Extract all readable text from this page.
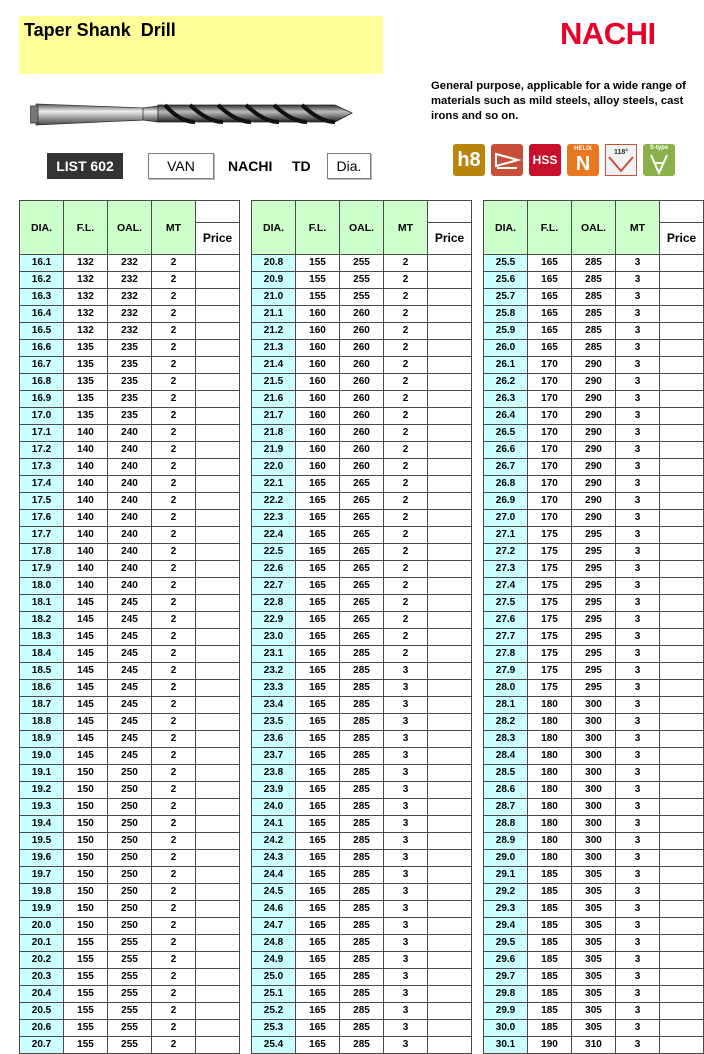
Taper Shank  Drill	NACHI
General purpose, applicable for a wide range of materials such as mild steels, alloy steels, cast irons and so on.
LIST 602	VAN	NACHI TD	Dia.	h8	HSS
HELIX
N
118°
S-type
DIA.	F.L.	OAL.	MT	Price

16.1	132	232	2	
16.2	132	232	2	
16.3	132	232	2	
16.4	132	232	2	
16.5	132	232	2	
16.6	135	235	2	
16.7	135	235	2	
16.8	135	235	2	
16.9	135	235	2	
17.0	135	235	2	
17.1	140	240	2	
17.2	140	240	2	
17.3	140	240	2	
17.4	140	240	2	
17.5	140	240	2	
17.6	140	240	2	
17.7	140	240	2	
17.8	140	240	2	
17.9	140	240	2	
18.0	140	240	2	
18.1	145	245	2	
18.2	145	245	2	
18.3	145	245	2	
18.4	145	245	2	
18.5	145	245	2	
18.6	145	245	2	
18.7	145	245	2	
18.8	145	245	2	
18.9	145	245	2	
19.0	145	245	2	
19.1	150	250	2	
19.2	150	250	2	
19.3	150	250	2	
19.4	150	250	2	
19.5	150	250	2	
19.6	150	250	2	
19.7	150	250	2	
19.8	150	250	2	
19.9	150	250	2	
20.0	150	250	2	
20.1	155	255	2	
20.2	155	255	2	
20.3	155	255	2	
20.4	155	255	2	
20.5	155	255	2	
20.6	155	255	2	
20.7	155	255	2	
DIA.	F.L.	OAL.	MT	Price

20.8	155	255	2	
20.9	155	255	2	
21.0	155	255	2	
21.1	160	260	2	
21.2	160	260	2	
21.3	160	260	2	
21.4	160	260	2	
21.5	160	260	2	
21.6	160	260	2	
21.7	160	260	2	
21.8	160	260	2	
21.9	160	260	2	
22.0	160	260	2	
22.1	165	265	2	
22.2	165	265	2	
22.3	165	265	2	
22.4	165	265	2	
22.5	165	265	2	
22.6	165	265	2	
22.7	165	265	2	
22.8	165	265	2	
22.9	165	265	2	
23.0	165	265	2	
23.1	165	285	2	
23.2	165	285	3	
23.3	165	285	3	
23.4	165	285	3	
23.5	165	285	3	
23.6	165	285	3	
23.7	165	285	3	
23.8	165	285	3	
23.9	165	285	3	
24.0	165	285	3	
24.1	165	285	3	
24.2	165	285	3	
24.3	165	285	3	
24.4	165	285	3	
24.5	165	285	3	
24.6	165	285	3	
24.7	165	285	3	
24.8	165	285	3	
24.9	165	285	3	
25.0	165	285	3	
25.1	165	285	3	
25.2	165	285	3	
25.3	165	285	3	
25.4	165	285	3	
DIA.	F.L.	OAL.	MT	Price

25.5	165	285	3	
25.6	165	285	3	
25.7	165	285	3	
25.8	165	285	3	
25.9	165	285	3	
26.0	165	285	3	
26.1	170	290	3	
26.2	170	290	3	
26.3	170	290	3	
26.4	170	290	3	
26.5	170	290	3	
26.6	170	290	3	
26.7	170	290	3	
26.8	170	290	3	
26.9	170	290	3	
27.0	170	290	3	
27.1	175	295	3	
27.2	175	295	3	
27.3	175	295	3	
27.4	175	295	3	
27.5	175	295	3	
27.6	175	295	3	
27.7	175	295	3	
27.8	175	295	3	
27.9	175	295	3	
28.0	175	295	3	
28.1	180	300	3	
28.2	180	300	3	
28.3	180	300	3	
28.4	180	300	3	
28.5	180	300	3	
28.6	180	300	3	
28.7	180	300	3	
28.8	180	300	3	
28.9	180	300	3	
29.0	180	300	3	
29.1	185	305	3	
29.2	185	305	3	
29.3	185	305	3	
29.4	185	305	3	
29.5	185	305	3	
29.6	185	305	3	
29.7	185	305	3	
29.8	185	305	3	
29.9	185	305	3	
30.0	185	305	3	
30.1	190	310	3	
